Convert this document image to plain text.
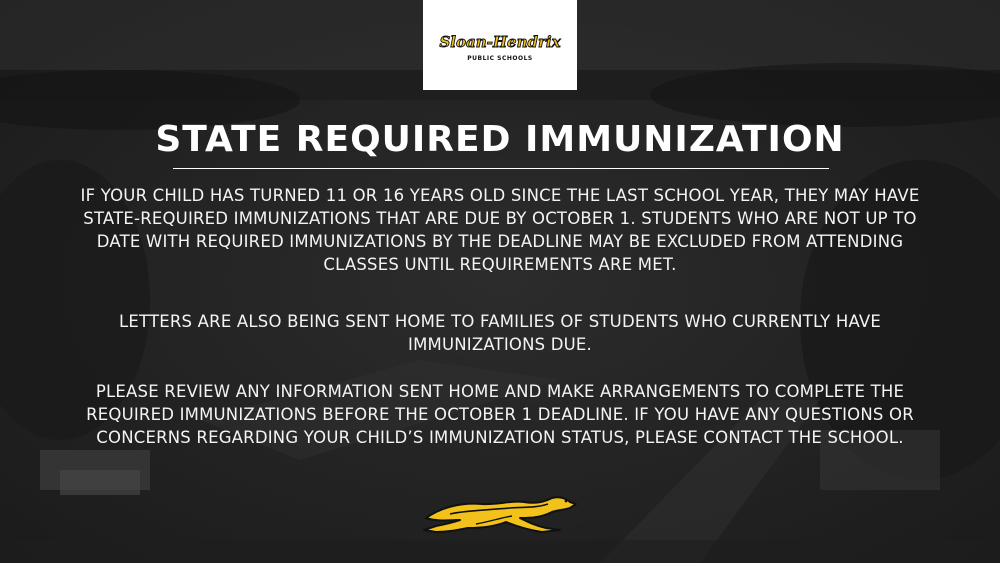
Sloan-Hendrix
PUBLIC SCHOOLS
STATE REQUIRED IMMUNIZATION
IF YOUR CHILD HAS TURNED 11 OR 16 YEARS OLD SINCE THE LAST SCHOOL YEAR, THEY MAY HAVE STATE-REQUIRED IMMUNIZATIONS THAT ARE DUE BY OCTOBER 1. STUDENTS WHO ARE NOT UP TO DATE WITH REQUIRED IMMUNIZATIONS BY THE DEADLINE MAY BE EXCLUDED FROM ATTENDING CLASSES UNTIL REQUIREMENTS ARE MET.
LETTERS ARE ALSO BEING SENT HOME TO FAMILIES OF STUDENTS WHO CURRENTLY HAVE IMMUNIZATIONS DUE.
PLEASE REVIEW ANY INFORMATION SENT HOME AND MAKE ARRANGEMENTS TO COMPLETE THE REQUIRED IMMUNIZATIONS BEFORE THE OCTOBER 1 DEADLINE. IF YOU HAVE ANY QUESTIONS OR CONCERNS REGARDING YOUR CHILD’S IMMUNIZATION STATUS, PLEASE CONTACT THE SCHOOL.
